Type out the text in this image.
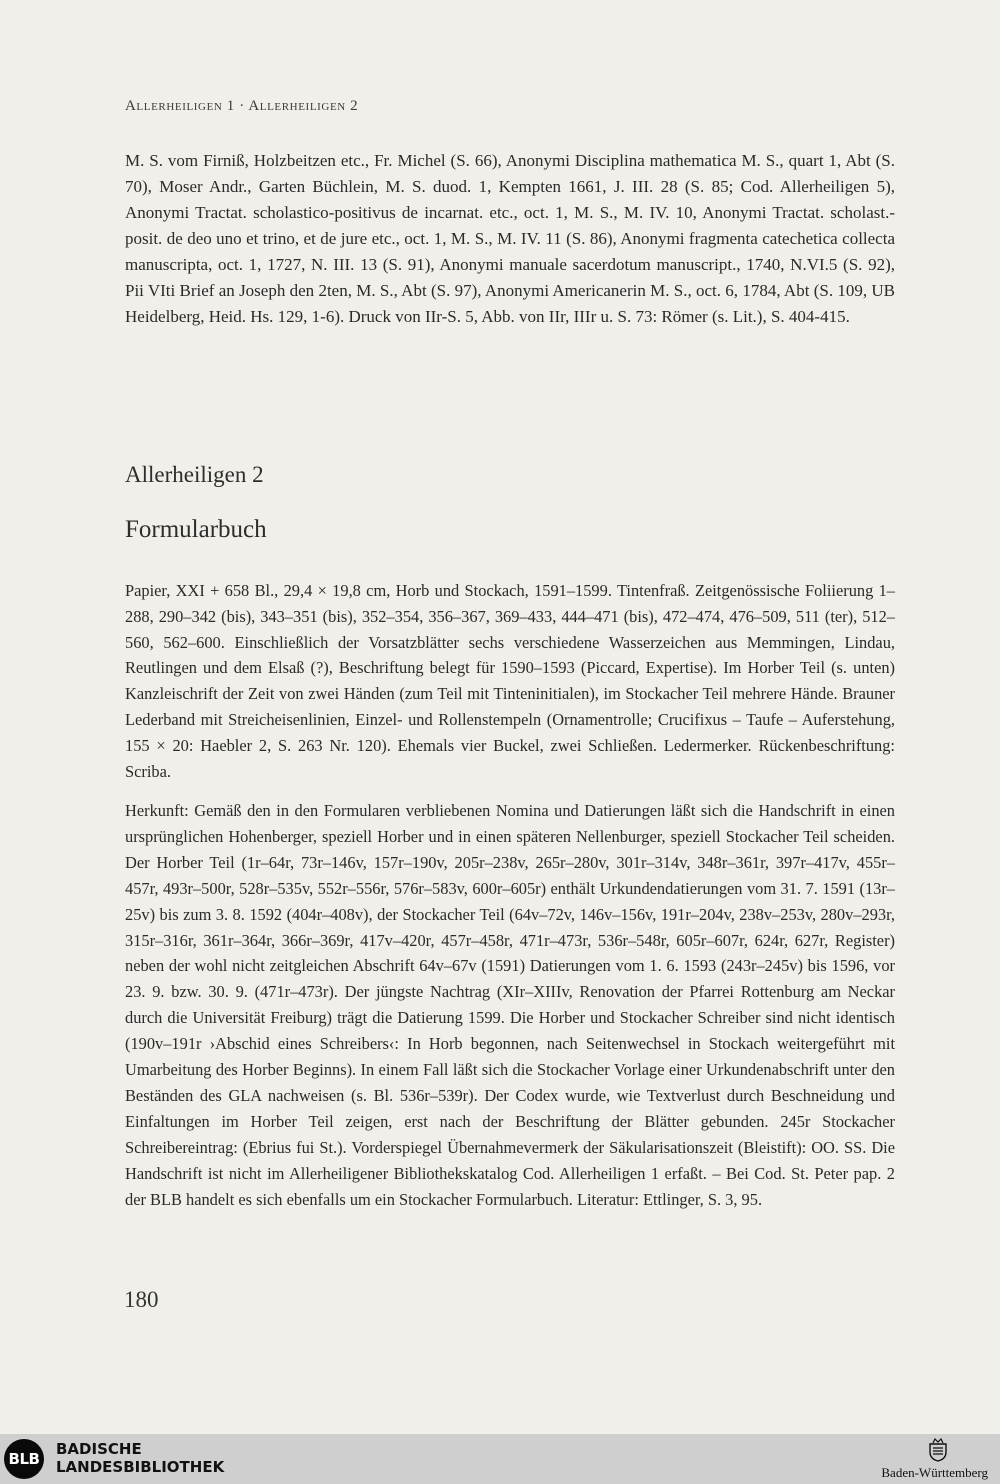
Allerheiligen 1 · Allerheiligen 2
M. S. vom Firniß, Holzbeitzen etc., Fr. Michel (S. 66), Anonymi Disciplina mathematica M. S., quart 1, Abt (S. 70), Moser Andr., Garten Büchlein, M. S. duod. 1, Kempten 1661, J. III. 28 (S. 85; Cod. Allerheiligen 5), Anonymi Tractat. scholastico-positivus de incarnat. etc., oct. 1, M. S., M. IV. 10, Anonymi Tractat. scholast.-posit. de deo uno et trino, et de jure etc., oct. 1, M. S., M. IV. 11 (S. 86), Anonymi fragmenta catechetica collecta manuscripta, oct. 1, 1727, N. III. 13 (S. 91), Anonymi manuale sacerdotum manuscript., 1740, N.VI.5 (S. 92), Pii VIti Brief an Joseph den 2ten, M. S., Abt (S. 97), Anonymi Americanerin M. S., oct. 6, 1784, Abt (S. 109, UB Heidelberg, Heid. Hs. 129, 1-6). Druck von IIr-S. 5, Abb. von IIr, IIIr u. S. 73: Römer (s. Lit.), S. 404-415.
Allerheiligen 2
Formularbuch
Papier, XXI + 658 Bl., 29,4 × 19,8 cm, Horb und Stockach, 1591–1599. Tintenfraß. Zeitgenössische Foliierung 1–288, 290–342 (bis), 343–351 (bis), 352–354, 356–367, 369–433, 444–471 (bis), 472–474, 476–509, 511 (ter), 512–560, 562–600. Einschließlich der Vorsatzblätter sechs verschiedene Wasserzeichen aus Memmingen, Lindau, Reutlingen und dem Elsaß (?), Beschriftung belegt für 1590–1593 (Piccard, Expertise). Im Horber Teil (s. unten) Kanzleischrift der Zeit von zwei Händen (zum Teil mit Tinteninitialen), im Stockacher Teil mehrere Hände. Brauner Lederband mit Streicheisenlinien, Einzel- und Rollenstempeln (Ornamentrolle; Crucifixus – Taufe – Auferstehung, 155 × 20: Haebler 2, S. 263 Nr. 120). Ehemals vier Buckel, zwei Schließen. Ledermerker. Rückenbeschriftung: Scriba.
Herkunft: Gemäß den in den Formularen verbliebenen Nomina und Datierungen läßt sich die Handschrift in einen ursprünglichen Hohenberger, speziell Horber und in einen späteren Nellenburger, speziell Stockacher Teil scheiden. Der Horber Teil (1r–64r, 73r–146v, 157r–190v, 205r–238v, 265r–280v, 301r–314v, 348r–361r, 397r–417v, 455r–457r, 493r–500r, 528r–535v, 552r–556r, 576r–583v, 600r–605r) enthält Urkundendatierungen vom 31. 7. 1591 (13r–25v) bis zum 3. 8. 1592 (404r–408v), der Stockacher Teil (64v–72v, 146v–156v, 191r–204v, 238v–253v, 280v–293r, 315r–316r, 361r–364r, 366r–369r, 417v–420r, 457r–458r, 471r–473r, 536r–548r, 605r–607r, 624r, 627r, Register) neben der wohl nicht zeitgleichen Abschrift 64v–67v (1591) Datierungen vom 1. 6. 1593 (243r–245v) bis 1596, vor 23. 9. bzw. 30. 9. (471r–473r). Der jüngste Nachtrag (XIr–XIIIv, Renovation der Pfarrei Rottenburg am Neckar durch die Universität Freiburg) trägt die Datierung 1599. Die Horber und Stockacher Schreiber sind nicht identisch (190v–191r ›Abschid eines Schreibers‹: In Horb begonnen, nach Seitenwechsel in Stockach weitergeführt mit Umarbeitung des Horber Beginns). In einem Fall läßt sich die Stockacher Vorlage einer Urkundenabschrift unter den Beständen des GLA nachweisen (s. Bl. 536r–539r). Der Codex wurde, wie Textverlust durch Beschneidung und Einfaltungen im Horber Teil zeigen, erst nach der Beschriftung der Blätter gebunden. 245r Stockacher Schreibereintrag: (Ebrius fui St.). Vorderspiegel Übernahmevermerk der Säkularisationszeit (Bleistift): OO. SS. Die Handschrift ist nicht im Allerheiligener Bibliothekskatalog Cod. Allerheiligen 1 erfaßt. – Bei Cod. St. Peter pap. 2 der BLB handelt es sich ebenfalls um ein Stockacher Formularbuch. Literatur: Ettlinger, S. 3, 95.
180
BLB
BADISCHE
LANDESBIBLIOTHEK	Baden-Württemberg
